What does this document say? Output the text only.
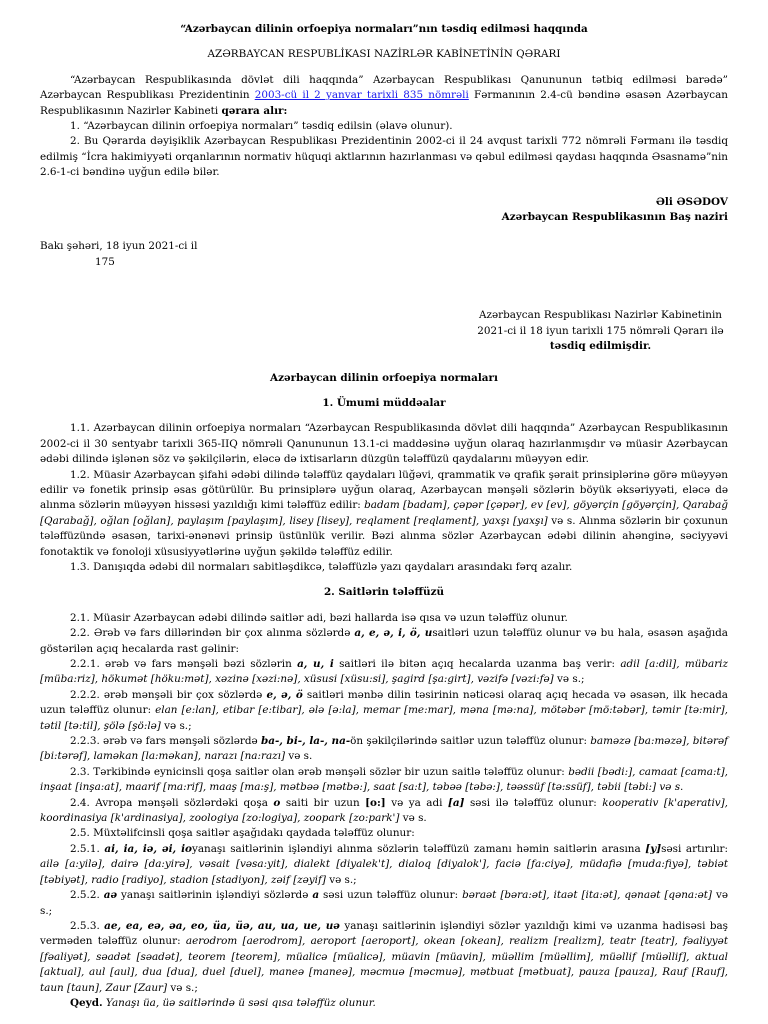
“Azərbaycan dilinin orfoepiya normaları”nın təsdiq edilməsi haqqında

AZƏRBAYCAN RESPUBLİKASI NAZİRLƏR KABİNETİNİN QƏRARI

“Azərbaycan Respublikasında dövlət dili haqqında” Azərbaycan Respublikası Qanununun tətbiq edilməsi barədə” Azərbaycan Respublikası Prezidentinin 2003-cü il 2 yanvar tarixli 835 nömrəli Fərmanının 2.4-cü bəndinə əsasən Azərbaycan Respublikasının Nazirlər Kabineti qərara alır:

1. “Azərbaycan dilinin orfoepiya normaları” təsdiq edilsin (əlavə olunur).

2. Bu Qərarda dəyişiklik Azərbaycan Respublikası Prezidentinin 2002-ci il 24 avqust tarixli 772 nömrəli Fərmanı ilə təsdiq edilmiş “İcra hakimiyyəti orqanlarının normativ hüquqi aktlarının hazırlanması və qəbul edilməsi qaydası haqqında Əsasnamə”nin 2.6-1-ci bəndinə uyğun edilə bilər.

Əli ƏSƏDOV

Azərbaycan Respublikasının Baş naziri

Bakı şəhəri, 18 iyun 2021-ci il

175

Azərbaycan Respublikası Nazirlər Kabinetinin

2021-ci il 18 iyun tarixli 175 nömrəli Qərarı ilə

təsdiq edilmişdir.

Azərbaycan dilinin orfoepiya normaları

1. Ümumi müddəalar

1.1. Azərbaycan dilinin orfoepiya normaları “Azərbaycan Respublikasında dövlət dili haqqında” Azərbaycan Respublikasının 2002-ci il 30 sentyabr tarixli 365-IIQ nömrəli Qanununun 13.1-ci maddəsinə uyğun olaraq hazırlanmışdır və müasir Azərbaycan ədəbi dilində işlənən söz və şəkilçilərin, eləcə də ixtisarların düzgün tələffüzü qaydalarını müəyyən edir.

1.2. Müasir Azərbaycan şifahi ədəbi dilində tələffüz qaydaları lüğəvi, qrammatik və qrafik şərait prinsiplərinə görə müəyyən edilir və fonetik prinsip əsas götürülür. Bu prinsiplərə uyğun olaraq, Azərbaycan mənşəli sözlərin böyük əksəriyyəti, eləcə də alınma sözlərin müəyyən hissəsi yazıldığı kimi tələffüz edilir: badam [badam], çəpər [çəpər], ev [ev], göyərçin [göyərçin], Qarabağ [Qarabağ], oğlan [oğlan], paylaşım [paylaşım], lisey [lisey], reqlament [reqlament], yaxşı [yaxşı] və s. Alınma sözlərin bir çoxunun tələffüzündə əsasən, tarixi-ənənəvi prinsip üstünlük verilir. Bəzi alınma sözlər Azərbaycan ədəbi dilinin ahənginə, səciyyəvi fonotaktik və fonoloji xüsusiyyətlərinə uyğun şəkildə tələffüz edilir.

1.3. Danışıqda ədəbi dil normaları sabitləşdikcə, tələffüzlə yazı qaydaları arasındakı fərq azalır.

2. Saitlərin tələffüzü

2.1. Müasir Azərbaycan ədəbi dilində saitlər adi, bəzi hallarda isə qısa və uzun tələffüz olunur.

2.2. Ərəb və fars dillərindən bir çox alınma sözlərdə a, e, ə, i, ö, usaitləri uzun tələffüz olunur və bu hala, əsasən aşağıda göstərilən açıq hecalarda rast gəlinir:

2.2.1. ərəb və fars mənşəli bəzi sözlərin a, u, i saitləri ilə bitən açıq hecalarda uzanma baş verir: adil [a:dil], mübariz [müba:riz], hökumət [höku:mət], xəzinə [xəzi:nə], xüsusi [xüsu:si], şagird [şa:girt], vəzifə [vəzi:fə] və s.;

2.2.2. ərəb mənşəli bir çox sözlərdə e, ə, ö saitləri mənbə dilin təsirinin nəticəsi olaraq açıq hecada və əsasən, ilk hecada uzun tələffüz olunur: elan [e:lan], etibar [e:tibar], ələ [ə:la], memar [me:mar], məna [mə:na], mötəbər [mö:təbər], təmir [tə:mir], tətil [tə:til], şölə [şö:lə] və s.;

2.2.3. ərəb və fars mənşəli sözlərdə ba-, bi-, la-, na-ön şəkilçilərində saitlər uzun tələffüz olunur: baməzə [ba:məzə], bitərəf [bi:tərəf], laməkan [la:məkan], narazı [na:razı] və s.

2.3. Tərkibində eynicinsli qoşa saitlər olan ərəb mənşəli sözlər bir uzun saitlə tələffüz olunur: bədii [bədi:], camaat [cama:t], inşaat [inşa:at], maarif [ma:rif], maaş [ma:ş], mətbəə [mətbə:], saat [sa:t], təbəə [təbə:], təəssüf [tə:ssüf], təbii [təbi:] və s.

2.4. Avropa mənşəli sözlərdəki qoşa o saiti bir uzun [o:] və ya adi [a] səsi ilə tələffüz olunur: kooperativ [k'aperativ], koordinasiya [k'ardinasiya], zoologiya [zo:logiya], zoopark [zo:park'] və s.

2.5. Müxtəlifcinsli qoşa saitlər aşağıdakı qaydada tələffüz olunur:

2.5.1. ai, ia, iə, əi, ioyanaşı saitlərinin işləndiyi alınma sözlərin tələffüzü zamanı həmin saitlərin arasına [y]səsi artırılır: ailə [a:yilə], dairə [da:yirə], vəsait [vəsa:yit], dialekt [diyalek't], dialoq [diyalok'], faciə [fa:ciyə], müdafiə [muda:fiyə], təbiət [təbiyət], radio [radiyo], stadion [stadiyon], zəif [zəyif] və s.;

2.5.2. aə yanaşı saitlərinin işləndiyi sözlərdə a səsi uzun tələffüz olunur: bəraət [bəra:ət], itaət [ita:ət], qənaət [qəna:ət] və s.;

2.5.3. ae, ea, eə, əa, eo, üa, üə, au, ua, ue, uə yanaşı saitlərinin işləndiyi sözlər yazıldığı kimi və uzanma hadisəsi baş verməden tələffüz olunur: aerodrom [aerodrom], aeroport [aeroport], okean [okean], realizm [realizm], teatr [teatr], fəaliyyət [fəaliyət], səadət [səadət], teorem [teorem], müalicə [müalicə], müavin [müavin], müəllim [müəllim], müəllif [müəllif], aktual [aktual], aul [aul], dua [dua], duel [duel], manеə [manеə], məcmuə [məcmuə], mətbuat [mətbuat], pauza [pauza], Rauf [Rauf], taun [taun], Zaur [Zaur] və s.;

Qeyd. Yanaşı üa, üə saitlərində ü səsi qısa tələffüz olunur.
